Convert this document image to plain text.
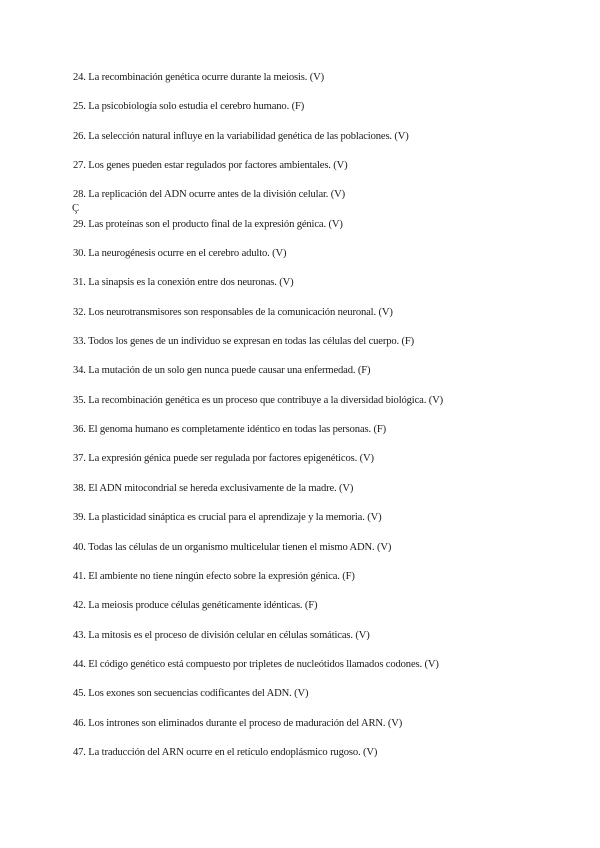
24. La recombinación genética ocurre durante la meiosis. (V)
25. La psicobiología solo estudia el cerebro humano. (F)
26. La selección natural influye en la variabilidad genética de las poblaciones. (V)
27. Los genes pueden estar regulados por factores ambientales. (V)
28. La replicación del ADN ocurre antes de la división celular. (V)
29. Las proteínas son el producto final de la expresión génica. (V)
30. La neurogénesis ocurre en el cerebro adulto. (V)
31. La sinapsis es la conexión entre dos neuronas. (V)
32. Los neurotransmisores son responsables de la comunicación neuronal. (V)
33. Todos los genes de un individuo se expresan en todas las células del cuerpo. (F)
34. La mutación de un solo gen nunca puede causar una enfermedad. (F)
35. La recombinación genética es un proceso que contribuye a la diversidad biológica. (V)
36. El genoma humano es completamente idéntico en todas las personas. (F)
37. La expresión génica puede ser regulada por factores epigenéticos. (V)
38. El ADN mitocondrial se hereda exclusivamente de la madre. (V)
39. La plasticidad sináptica es crucial para el aprendizaje y la memoria. (V)
40. Todas las células de un organismo multicelular tienen el mismo ADN. (V)
41. El ambiente no tiene ningún efecto sobre la expresión génica. (F)
42. La meiosis produce células genéticamente idénticas. (F)
43. La mitosis es el proceso de división celular en células somáticas. (V)
44. El código genético está compuesto por tripletes de nucleótidos llamados codones. (V)
45. Los exones son secuencias codificantes del ADN. (V)
46. Los intrones son eliminados durante el proceso de maduración del ARN. (V)
47. La traducción del ARN ocurre en el retículo endoplásmico rugoso. (V)
Ç
